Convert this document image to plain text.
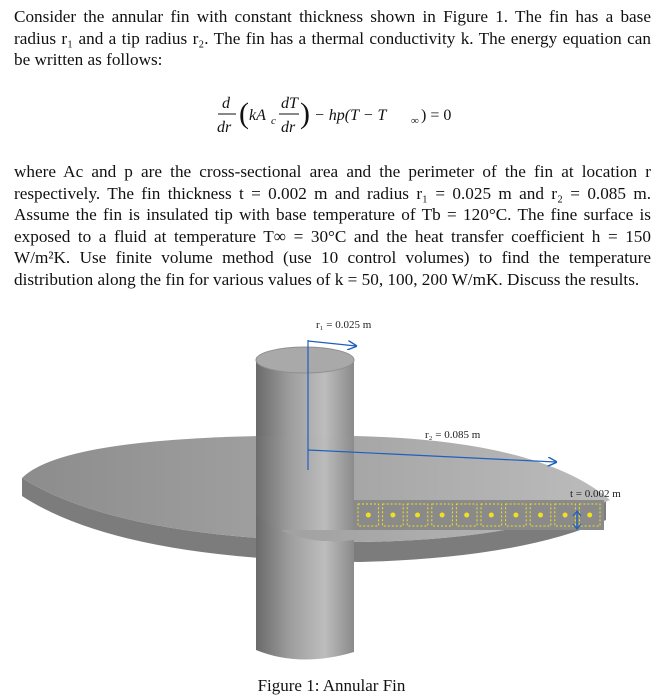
Consider the annular fin with constant thickness shown in Figure 1. The fin has a base radius r₁ and a tip radius r₂. The fin has a thermal conductivity k. The energy equation can be written as follows:

d
dr ( kA c
dT
dr ) − hp(T − T ∞ ) = 0

where Ac and p are the cross-sectional area and the perimeter of the fin at location r respectively. The fin thickness t = 0.002 m and radius r₁ = 0.025 m and r₂ = 0.085 m. Assume the fin is insulated tip with base temperature of Tb = 120°C. The fine surface is exposed to a fluid at temperature T∞ = 30°C and the heat transfer coefficient h = 150 W/m²K. Use finite volume method (use 10 control volumes) to find the temperature distribution along the fin for various values of k = 50, 100, 200 W/mK. Discuss the results.

r₁ = 0.025 m
r₂ = 0.085 m
t = 0.002 m

Figure 1: Annular Fin
